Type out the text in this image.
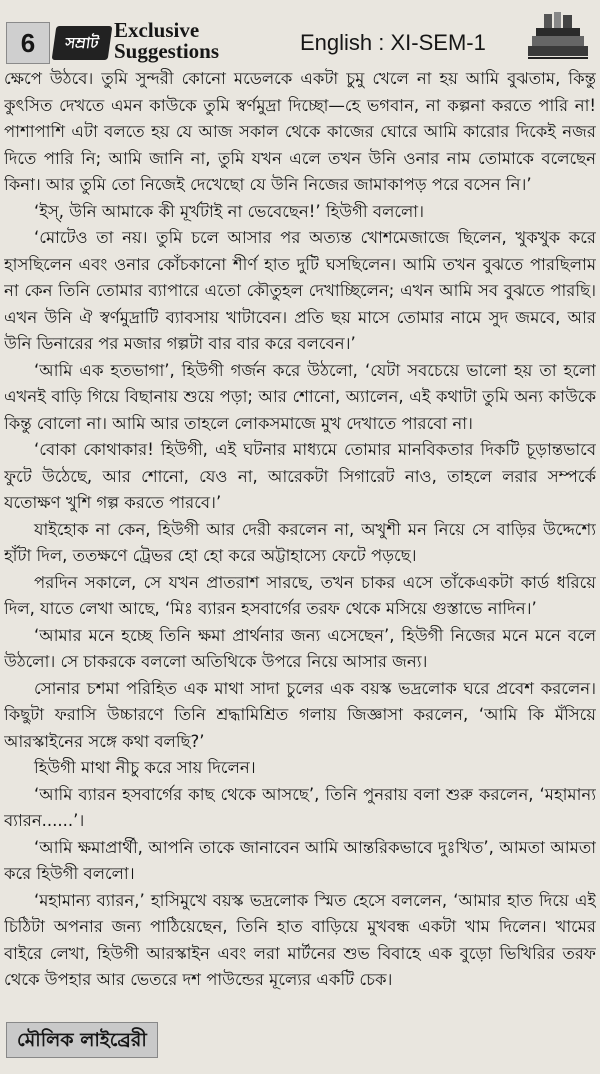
6	সম্রাট
Exclusive
Suggestions	English : XI-SEM-1

ক্ষেপে উঠবে। তুমি সুন্দরী কোনো মডেলকে একটা চুমু খেলে না হয় আমি বুঝতাম, কিন্তু কুৎসিত দেখতে এমন কাউকে তুমি স্বর্ণমুদ্রা দিচ্ছো—হে ভগবান, না কল্পনা করতে পারি না! পাশাপাশি এটা বলতে হয় যে আজ সকাল থেকে কাজের ঘোরে আমি কারোর দিকেই নজর দিতে পারি নি; আমি জানি না, তুমি যখন এলে তখন উনি ওনার নাম তোমাকে বলেছেন কিনা। আর তুমি তো নিজেই দেখেছো যে উনি নিজের জামাকাপড় পরে বসেন নি।’

‘ইস্, উনি আমাকে কী মূর্খটাই না ভেবেছেন!’ হিউগী বললো।

‘মোটেও তা নয়। তুমি চলে আসার পর অত্যন্ত খোশমেজাজে ছিলেন, খুকখুক করে হাসছিলেন এবং ওনার কোঁচকানো শীর্ণ হাত দুটি ঘসছিলেন। আমি তখন বুঝতে পারছিলাম না কেন তিনি তোমার ব্যাপারে এতো কৌতুহল দেখাচ্ছিলেন; এখন আমি সব বুঝতে পারছি। এখন উনি ঐ স্বর্ণমুদ্রাটি ব্যাবসায় খাটাবেন। প্রতি ছয় মাসে তোমার নামে সুদ জমবে, আর উনি ডিনারের পর মজার গল্পটা বার বার করে বলবেন।’

‘আমি এক হতভাগা’, হিউগী গর্জন করে উঠলো, ‘যেটা সবচেয়ে ভালো হয় তা হলো এখনই বাড়ি গিয়ে বিছানায় শুয়ে পড়া; আর শোনো, অ্যালেন, এই কথাটা তুমি অন্য কাউকে কিন্তু বোলো না। আমি আর তাহলে লোকসমাজে মুখ দেখাতে পারবো না।

‘বোকা কোথাকার! হিউগী, এই ঘটনার মাধ্যমে তোমার মানবিকতার দিকটি চূড়ান্তভাবে ফুটে উঠেছে, আর শোনো, যেও না, আরেকটা সিগারেট নাও, তাহলে লরার সম্পর্কে যতোক্ষণ খুশি গল্প করতে পারবে।’

যাইহোক না কেন, হিউগী আর দেরী করলেন না, অখুশী মন নিয়ে সে বাড়ির উদ্দেশ্যে হাঁটা দিল, ততক্ষণে ট্রেভর হো হো করে অট্টাহাস্যে ফেটে পড়ছে।

পরদিন সকালে, সে যখন প্রাতরাশ সারছে, তখন চাকর এসে তাঁকেএকটা কার্ড ধরিয়ে দিল, যাতে লেখা আছে, ‘মিঃ ব্যারন হসবার্গের তরফ থেকে মসিয়ে গুস্তাভে নাদিন।’

‘আমার মনে হচ্ছে তিনি ক্ষমা প্রার্থনার জন্য এসেছেন’, হিউগী নিজের মনে মনে বলে উঠলো। সে চাকরকে বললো অতিথিকে উপরে নিয়ে আসার জন্য।

সোনার চশমা পরিহিত এক মাথা সাদা চুলের এক বয়স্ক ভদ্রলোক ঘরে প্রবেশ করলেন। কিছুটা ফরাসি উচ্চারণে তিনি শ্রদ্ধামিশ্রিত গলায় জিজ্ঞাসা করলেন, ‘আমি কি মঁসিয়ে আরস্কাইনের সঙ্গে কথা বলছি?’

হিউগী মাথা নীচু করে সায় দিলেন।

‘আমি ব্যারন হসবার্গের কাছ থেকে আসছে’, তিনি পুনরায় বলা শুরু করলেন, ‘মহামান্য ব্যারন......’।

‘আমি ক্ষমাপ্রার্থী, আপনি তাকে জানাবেন আমি আন্তরিকভাবে দুঃখিত’, আমতা আমতা করে হিউগী বললো।

‘মহামান্য ব্যারন,’ হাসিমুখে বয়স্ক ভদ্রলোক স্মিত হেসে বললেন, ‘আমার হাত দিয়ে এই চিঠিটা অপনার জন্য পাঠিয়েছেন, তিনি হাত বাড়িয়ে মুখবন্ধ একটা খাম দিলেন। খামের বাইরে লেখা, হিউগী আরস্কাইন এবং লরা মার্টনের শুভ বিবাহে এক বুড়ো ভিখিরির তরফ থেকে উপহার আর ভেতরে দশ পাউন্ডের মূল্যের একটি চেক।

মৌলিক লাইব্রেরী
